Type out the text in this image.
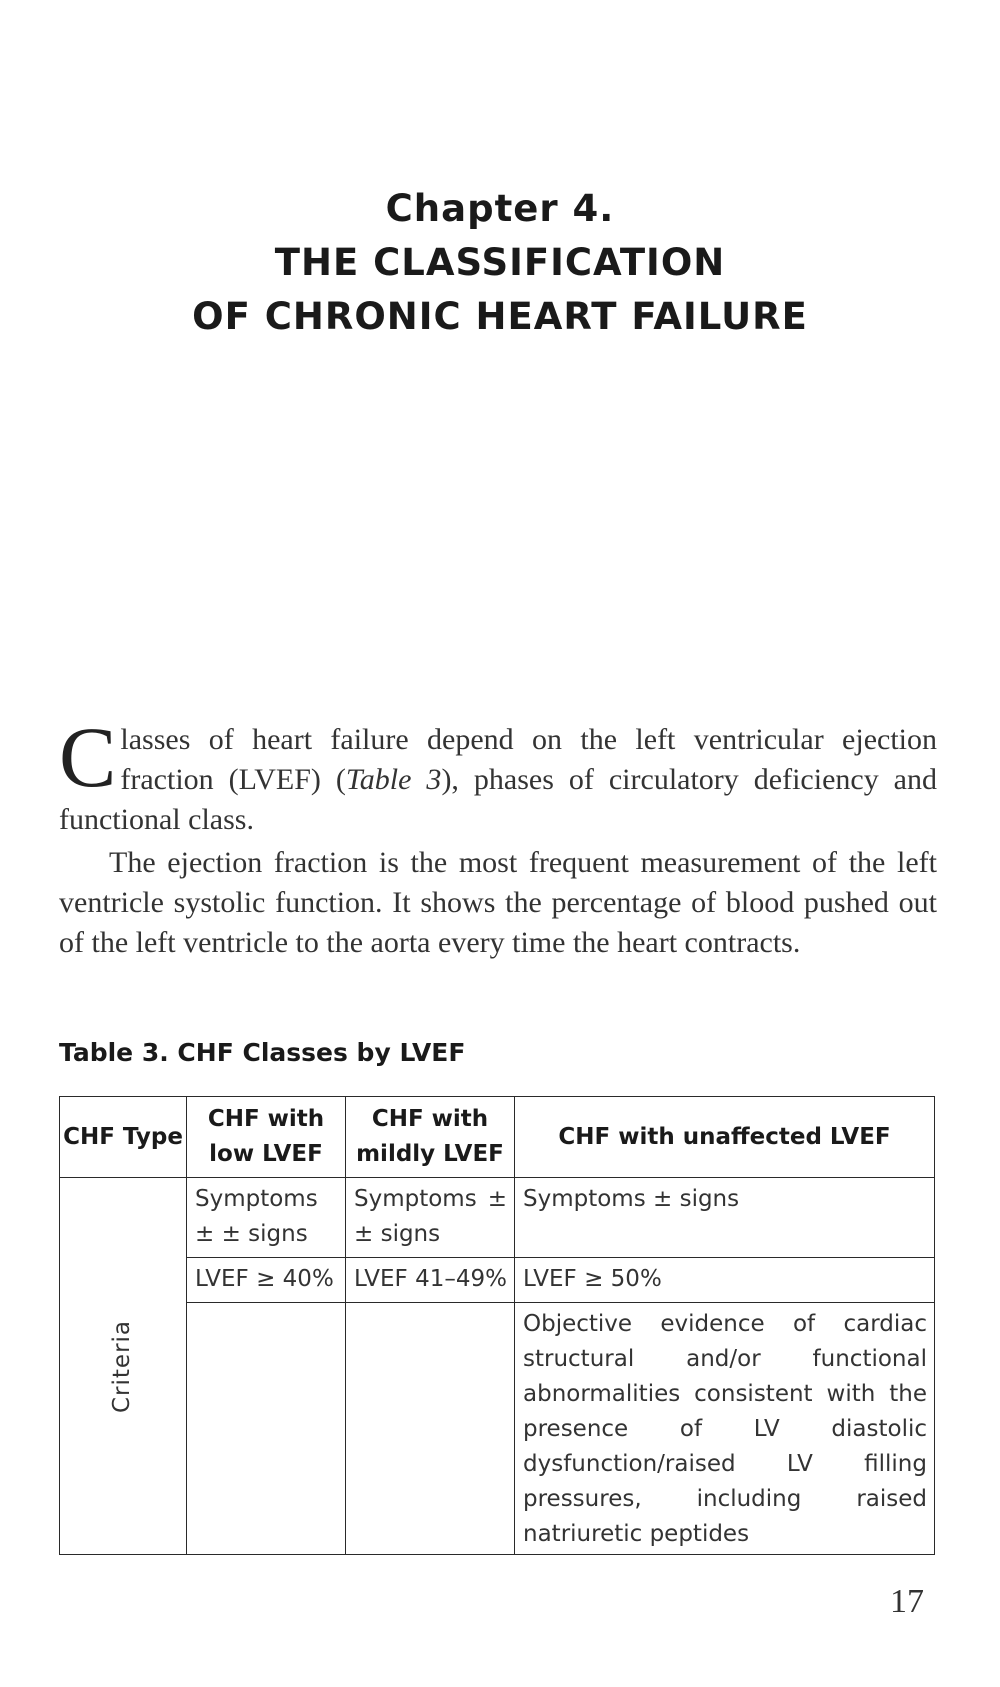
Chapter 4.
THE CLASSIFICATION
OF CHRONIC HEART FAILURE
Classes of heart failure depend on the left ventricular ejection fraction (LVEF) (Table 3), phases of circulatory deficiency and functional class.
The ejection fraction is the most frequent measurement of the left ventricle systolic function. It shows the percentage of blood pushed out of the left ventricle to the aorta every time the heart contracts.
Table 3. CHF Classes by LVEF
CHF Type	CHF with low LVEF	CHF with mildly LVEF	CHF with unaffected LVEF
Criteria	Symptoms ± ± signs	Symptoms ± ± signs	Symptoms ± signs
	LVEF ≥ 40%	LVEF 41–49%	LVEF ≥ 50%
			Objective evidence of cardiac structural and/or functional abnormalities consistent with the presence of LV diastolic dysfunction/raised LV filling pressures, including raised natriuretic peptides
17
